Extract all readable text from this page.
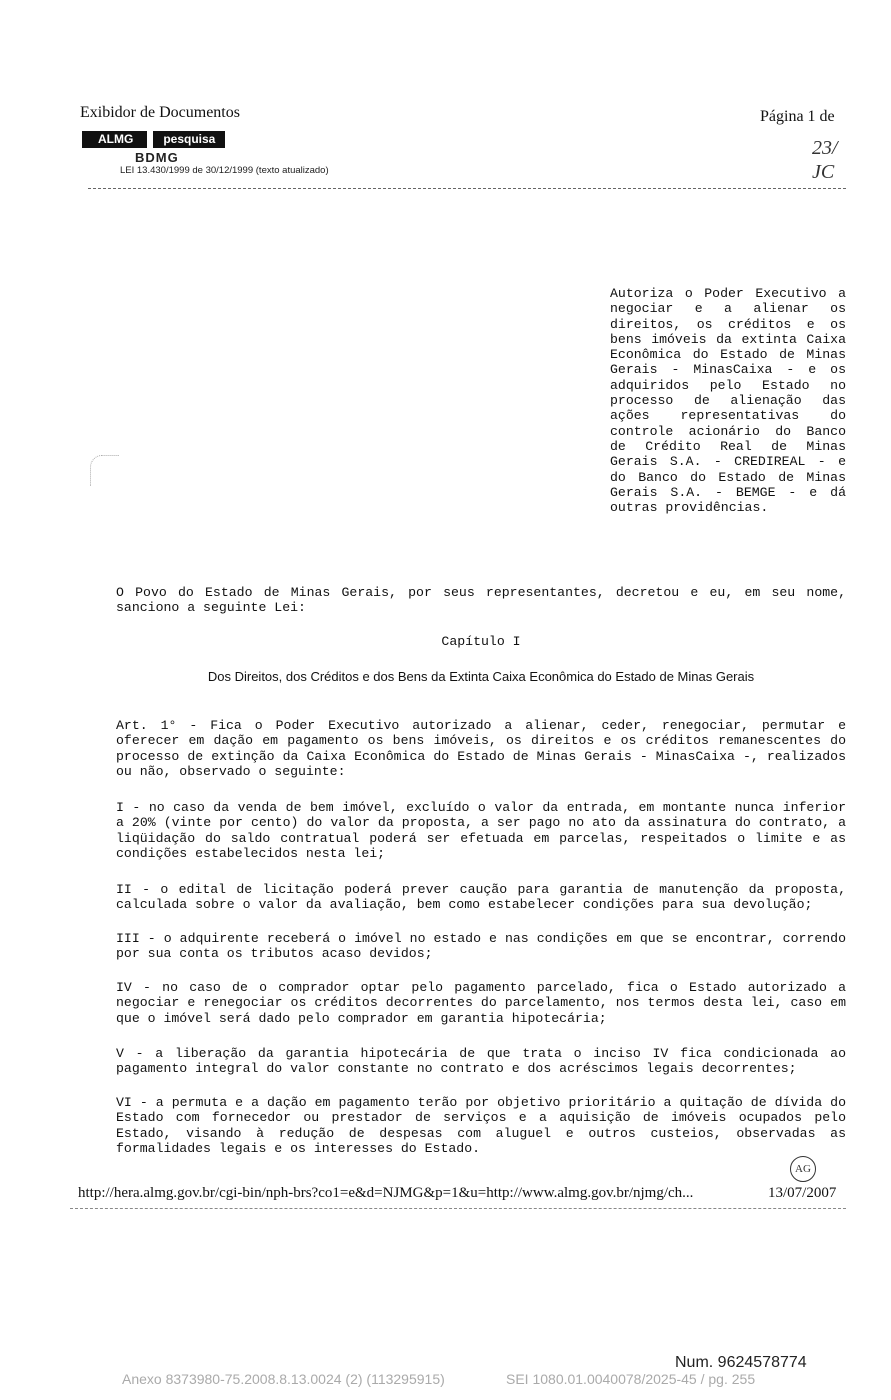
Exibidor de Documentos	Página 1 de
ALMG	pesquisa
BDMG
LEI 13.430/1999 de 30/12/1999 (texto atualizado)
23/
JC
Autoriza o Poder Executivo a negociar e a alienar os direitos, os créditos e os bens imóveis da extinta Caixa Econômica do Estado de Minas Gerais - MinasCaixa - e os adquiridos pelo Estado no processo de alienação das ações representativas do controle acionário do Banco de Crédito Real de Minas Gerais S.A. - CREDIREAL - e do Banco do Estado de Minas Gerais S.A. - BEMGE - e dá outras providências.
O Povo do Estado de Minas Gerais, por seus representantes, decretou e eu, em seu nome, sanciono a seguinte Lei:
Capítulo I
Dos Direitos, dos Créditos e dos Bens da Extinta Caixa Econômica do Estado de Minas Gerais
Art. 1° - Fica o Poder Executivo autorizado a alienar, ceder, renegociar, permutar e oferecer em dação em pagamento os bens imóveis, os direitos e os créditos remanescentes do processo de extinção da Caixa Econômica do Estado de Minas Gerais - MinasCaixa -, realizados ou não, observado o seguinte:
I - no caso da venda de bem imóvel, excluído o valor da entrada, em montante nunca inferior a 20% (vinte por cento) do valor da proposta, a ser pago no ato da assinatura do contrato, a liqüidação do saldo contratual poderá ser efetuada em parcelas, respeitados o limite e as condições estabelecidos nesta lei;
II - o edital de licitação poderá prever caução para garantia de manutenção da proposta, calculada sobre o valor da avaliação, bem como estabelecer condições para sua devolução;
III - o adquirente receberá o imóvel no estado e nas condições em que se encontrar, correndo por sua conta os tributos acaso devidos;
IV - no caso de o comprador optar pelo pagamento parcelado, fica o Estado autorizado a negociar e renegociar os créditos decorrentes do parcelamento, nos termos desta lei, caso em que o imóvel será dado pelo comprador em garantia hipotecária;
V - a liberação da garantia hipotecária de que trata o inciso IV fica condicionada ao pagamento integral do valor constante no contrato e dos acréscimos legais decorrentes;
VI - a permuta e a dação em pagamento terão por objetivo prioritário a quitação de dívida do Estado com fornecedor ou prestador de serviços e a aquisição de imóveis ocupados pelo Estado, visando à redução de despesas com aluguel e outros custeios, observadas as formalidades legais e os interesses do Estado.
AG
http://hera.almg.gov.br/cgi-bin/nph-brs?co1=e&d=NJMG&p=1&u=http://www.almg.gov.br/njmg/ch...	13/07/2007
Num. 9624578774
Anexo 8373980-75.2008.8.13.0024 (2) (113295915)	SEI 1080.01.0040078/2025-45 / pg. 255
